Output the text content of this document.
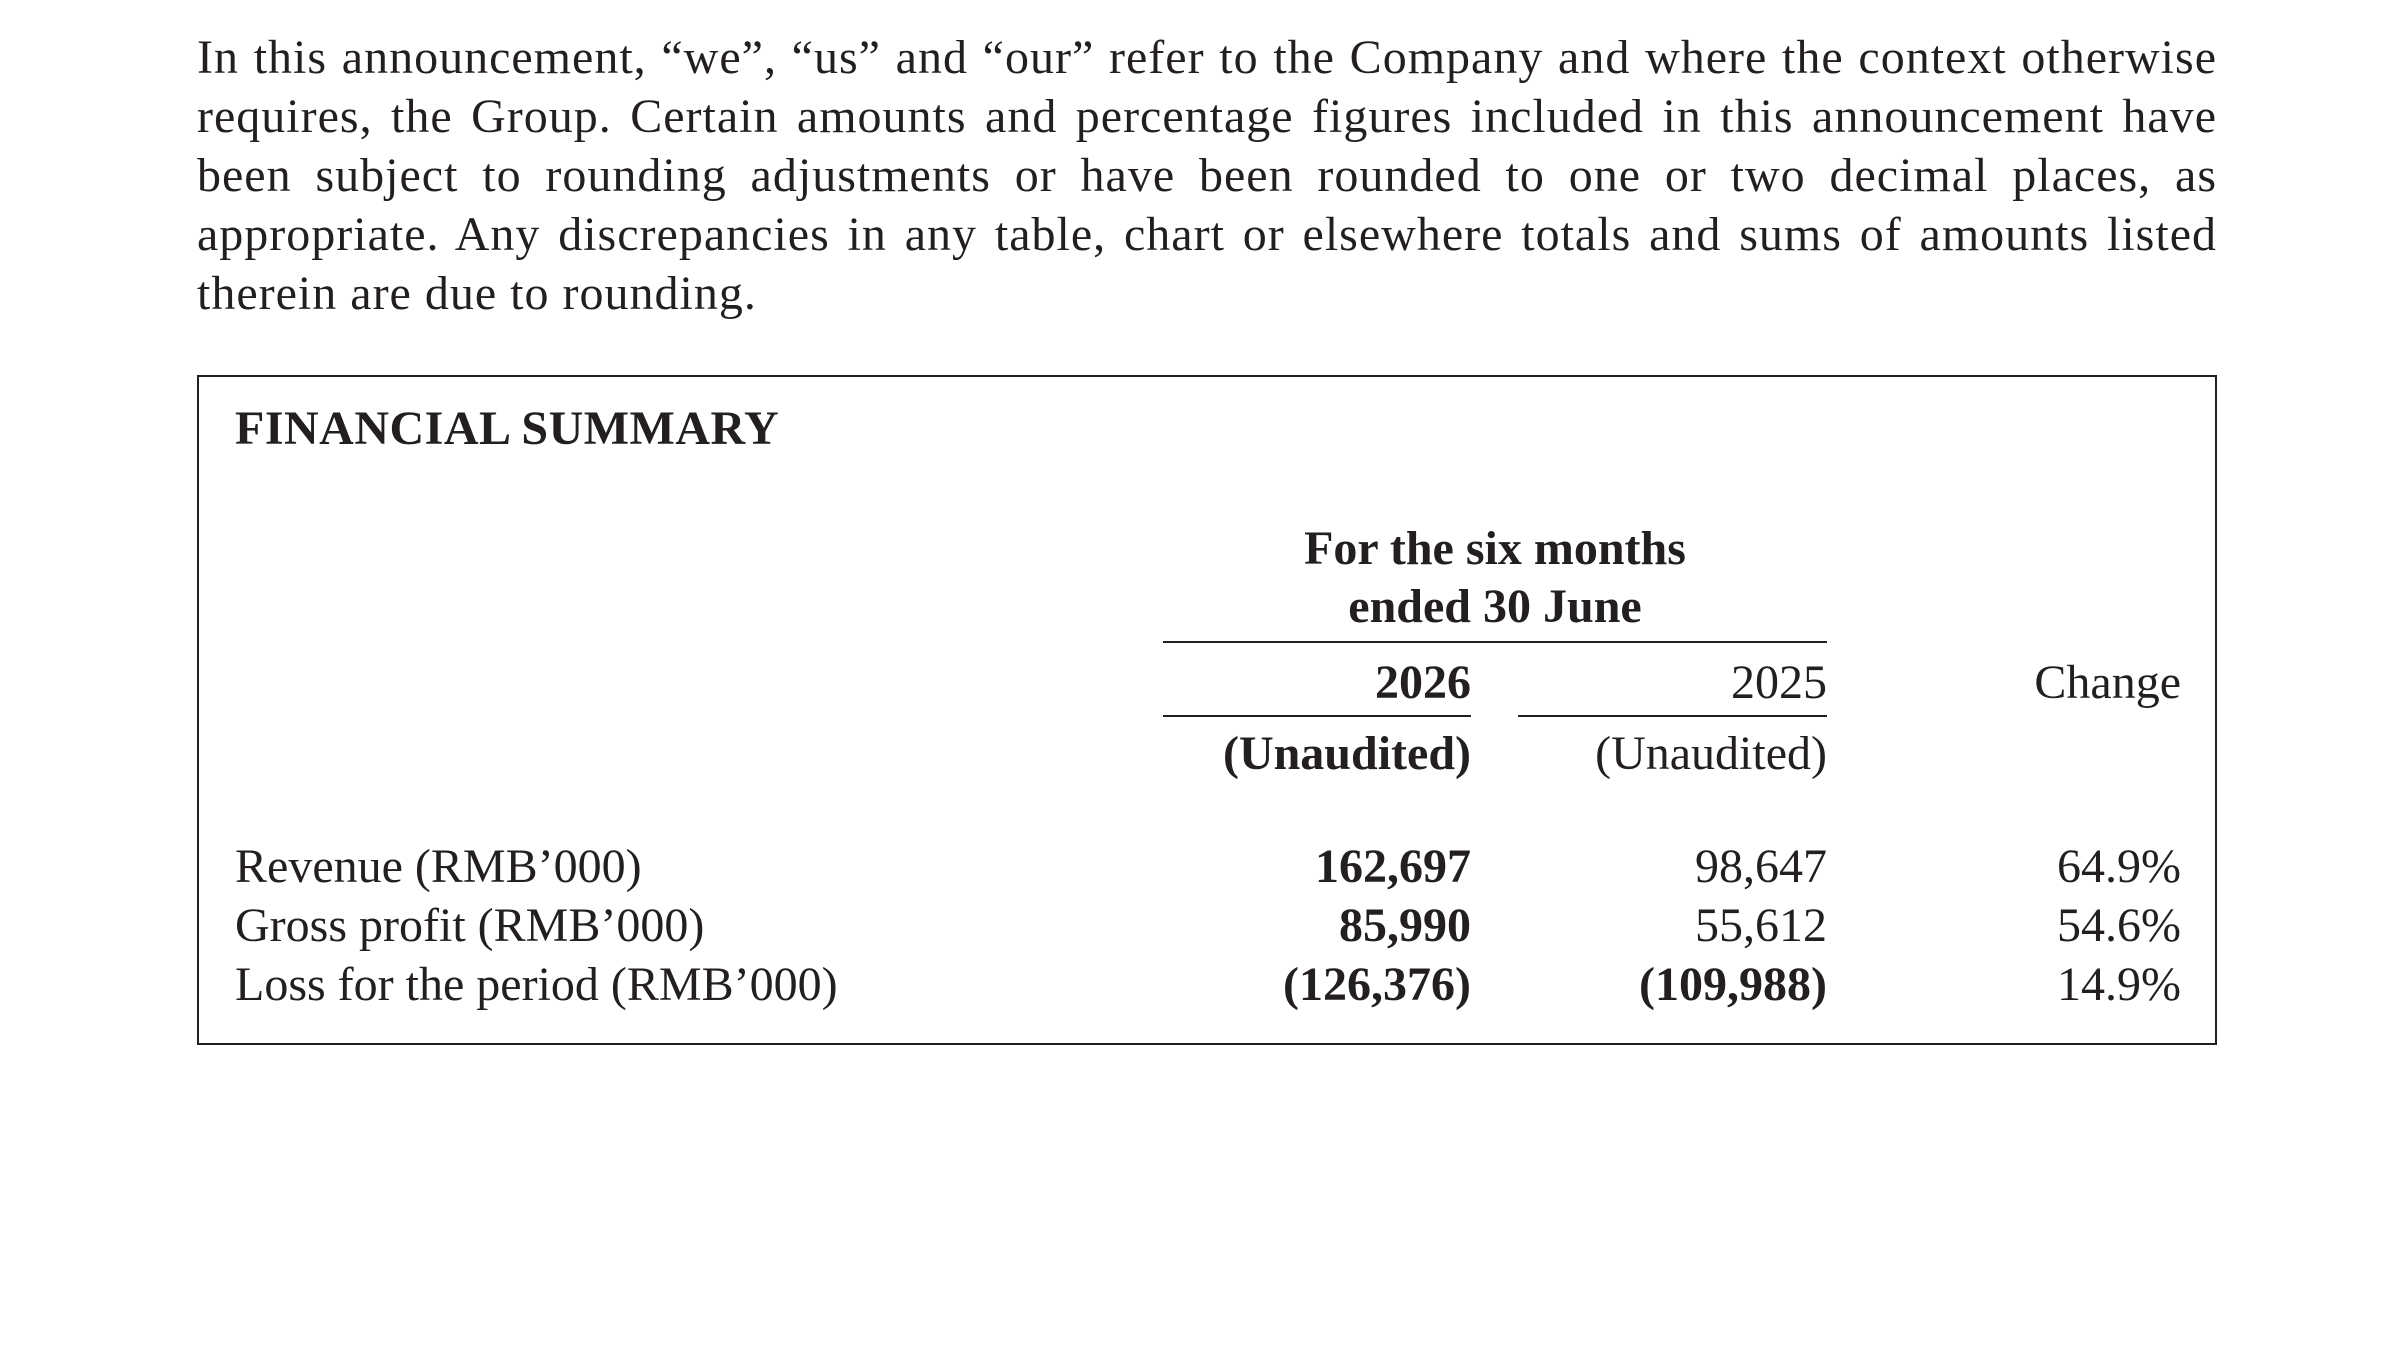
In this announcement, “we”, “us” and “our” refer to the Company and where the context otherwise requires, the Group. Certain amounts and percentage figures included in this announcement have been subject to rounding adjustments or have been rounded to one or two decimal places, as appropriate. Any discrepancies in any table, chart or elsewhere totals and sums of amounts listed therein are due to rounding.

FINANCIAL SUMMARY
For the six months
ended 30 June
2026	2025	Change
(Unaudited)	(Unaudited)
Revenue (RMB’000)	162,697	98,647	64.9%
Gross profit (RMB’000)	85,990	55,612	54.6%
Loss for the period (RMB’000)	(126,376)	(109,988)	14.9%
